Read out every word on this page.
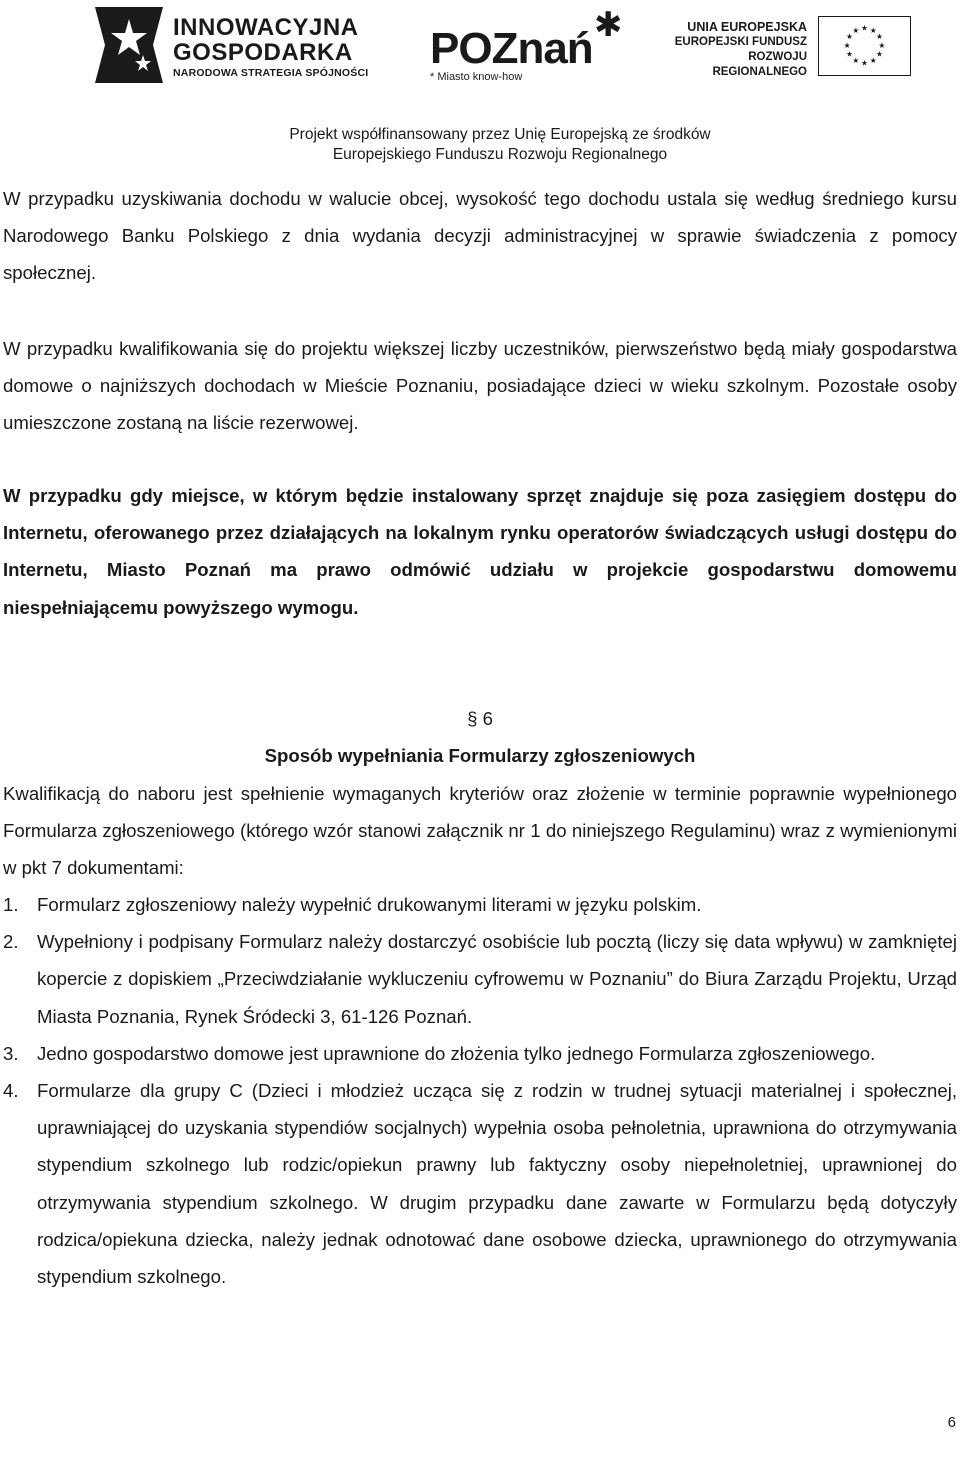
INNOWACYJNA
GOSPODARKA
NARODOWA STRATEGIA SPÓJNOŚCI POZnań ✱
* Miasto know-how
UNIA EUROPEJSKA
EUROPEJSKI FUNDUSZ
ROZWOJU REGIONALNEGO
★ ★
★
★
★
★
★
★
★
★
★
★
Projekt współfinansowany przez Unię Europejską ze środków
Europejskiego Funduszu Rozwoju Regionalnego

W przypadku uzyskiwania dochodu w walucie obcej, wysokość tego dochodu ustala się według średniego kursu Narodowego Banku Polskiego z dnia wydania decyzji administracyjnej w sprawie świadczenia z pomocy społecznej.

W przypadku kwalifikowania się do projektu większej liczby uczestników, pierwszeństwo będą miały gospodarstwa domowe o najniższych dochodach w Mieście Poznaniu, posiadające dzieci w wieku szkolnym. Pozostałe osoby umieszczone zostaną na liście rezerwowej.

W przypadku gdy miejsce, w którym będzie instalowany sprzęt znajduje się poza zasięgiem dostępu do Internetu, oferowanego przez działających na lokalnym rynku operatorów świadczących usługi dostępu do Internetu, Miasto Poznań ma prawo odmówić udziału w projekcie gospodarstwu domowemu niespełniającemu powyższego wymogu.

§ 6
Sposób wypełniania Formularzy zgłoszeniowych

Kwalifikacją do naboru jest spełnienie wymaganych kryteriów oraz złożenie w terminie poprawnie wypełnionego Formularza zgłoszeniowego (którego wzór stanowi załącznik nr 1 do niniejszego Regulaminu) wraz z wymienionymi w pkt 7 dokumentami:

1. Formularz zgłoszeniowy należy wypełnić drukowanymi literami w języku polskim.
2. Wypełniony i podpisany Formularz należy dostarczyć osobiście lub pocztą (liczy się data wpływu) w zamkniętej kopercie z dopiskiem „Przeciwdziałanie wykluczeniu cyfrowemu w Poznaniu” do Biura Zarządu Projektu, Urząd Miasta Poznania, Rynek Śródecki 3, 61-126 Poznań.
3. Jedno gospodarstwo domowe jest uprawnione do złożenia tylko jednego Formularza zgłoszeniowego.
4. Formularze dla grupy C (Dzieci i młodzież ucząca się z rodzin w trudnej sytuacji materialnej i społecznej, uprawniającej do uzyskania stypendiów socjalnych) wypełnia osoba pełnoletnia, uprawniona do otrzymywania stypendium szkolnego lub rodzic/opiekun prawny lub faktyczny osoby niepełnoletniej, uprawnionej do otrzymywania stypendium szkolnego. W drugim przypadku dane zawarte w Formularzu będą dotyczyły rodzica/opiekuna dziecka, należy jednak odnotować dane osobowe dziecka, uprawnionego do otrzymywania stypendium szkolnego.
6
